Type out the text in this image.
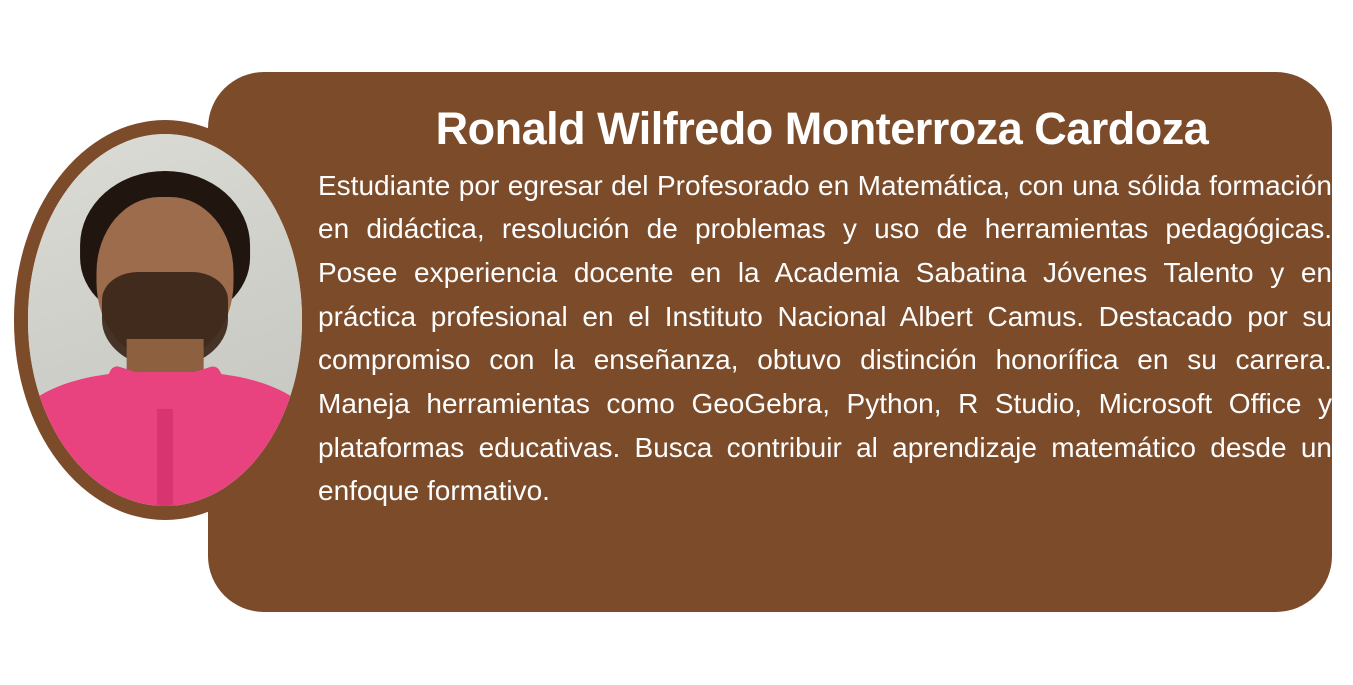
Ronald Wilfredo Monterroza Cardoza

Estudiante por egresar del Profesorado en Matemática, con una sólida formación en didáctica, resolución de problemas y uso de herramientas pedagógicas. Posee experiencia docente en la Academia Sabatina Jóvenes Talento y en práctica profesional en el Instituto Nacional Albert Camus. Destacado por su compromiso con la enseñanza, obtuvo distinción honorífica en su carrera. Maneja herramientas como GeoGebra, Python, R Studio, Microsoft Office y plataformas educativas. Busca contribuir al aprendizaje matemático desde un enfoque formativo.
